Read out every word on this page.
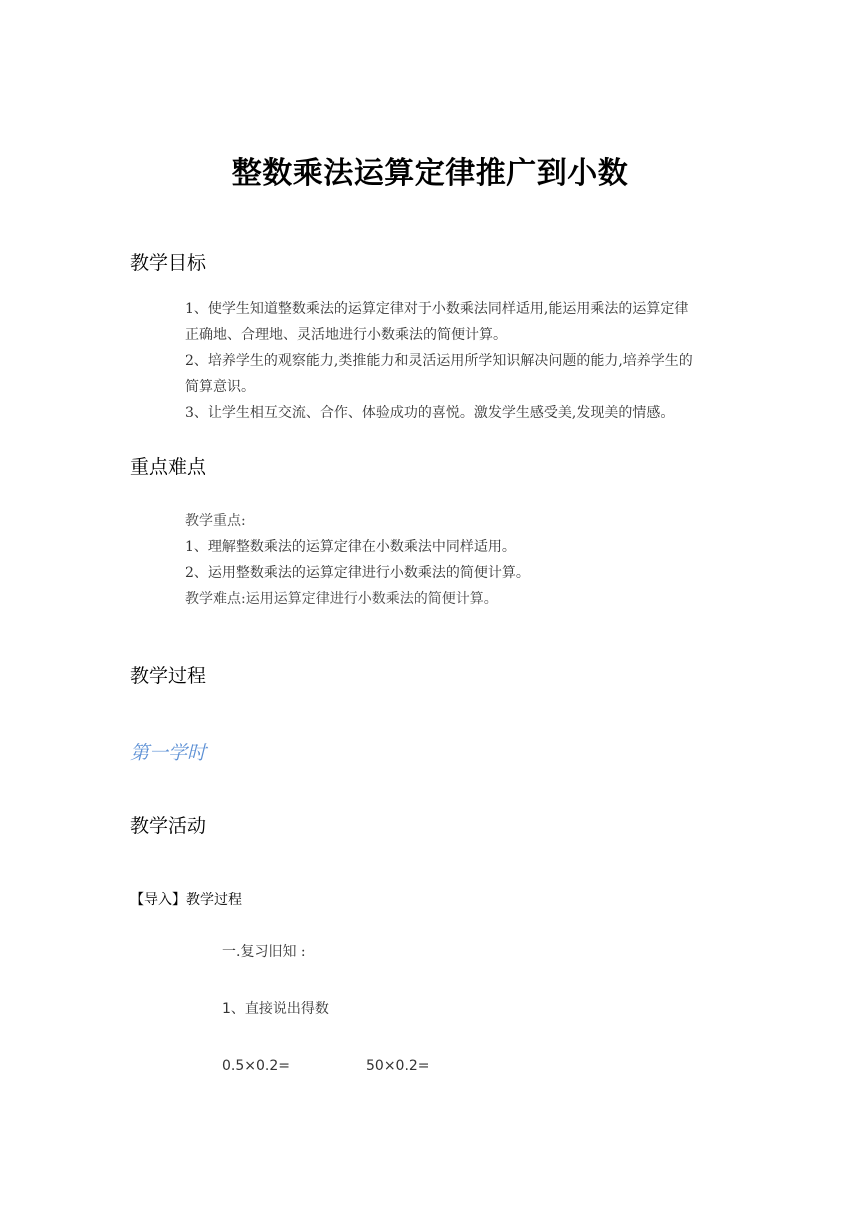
整数乘法运算定律推广到小数
教学目标
1、使学生知道整数乘法的运算定律对于小数乘法同样适用,能运用乘法的运算定律
正确地、合理地、灵活地进行小数乘法的简便计算。
2、培养学生的观察能力,类推能力和灵活运用所学知识解决问题的能力,培养学生的
简算意识。
3、让学生相互交流、合作、体验成功的喜悦。激发学生感受美,发现美的情感。
重点难点
教学重点:
1、理解整数乘法的运算定律在小数乘法中同样适用。
2、运用整数乘法的运算定律进行小数乘法的简便计算。
教学难点:运用运算定律进行小数乘法的简便计算。
教学过程
第一学时
教学活动
【导入】教学过程
一.复习旧知 :
1、直接说出得数
0.5×0.2=	50×0.2=
